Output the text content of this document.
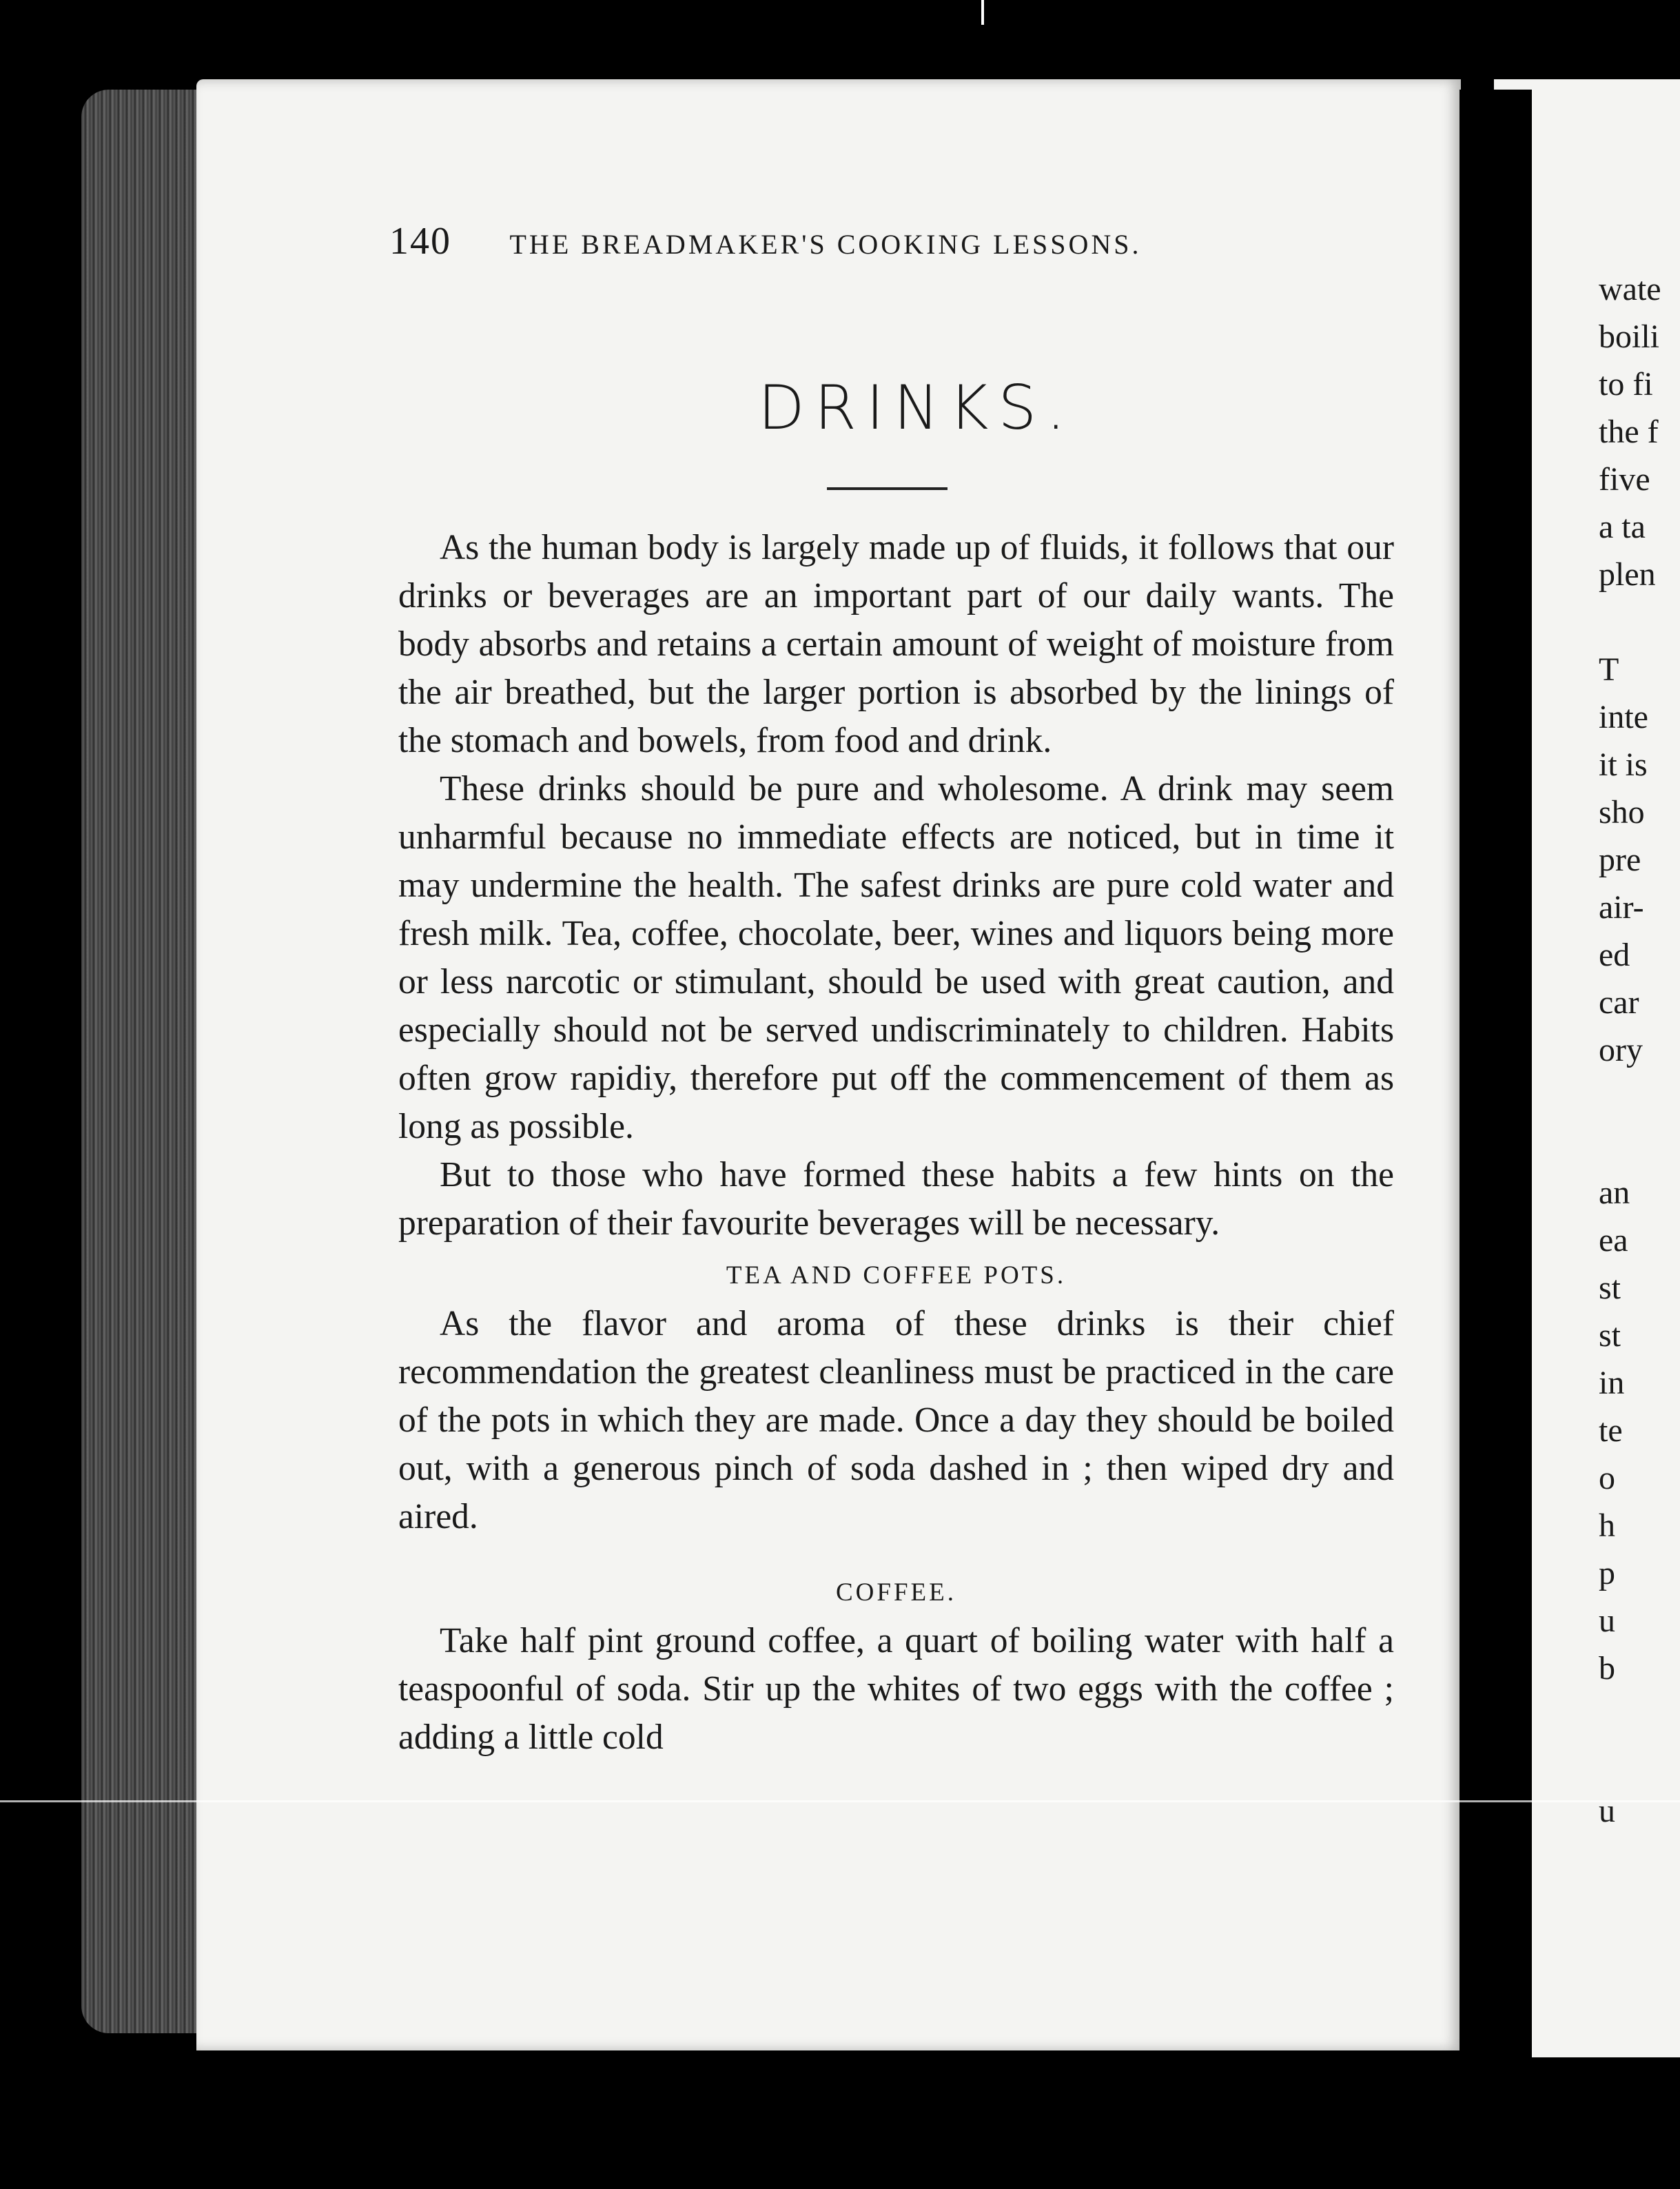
140 THE BREADMAKER'S COOKING LESSONS.
DRINKS.

As the human body is largely made up of fluids, it follows that our drinks or beverages are an important part of our daily wants. The body absorbs and retains a certain amount of weight of moisture from the air breathed, but the larger portion is absorbed by the linings of the stomach and bowels, from food and drink.

These drinks should be pure and wholesome. A drink may seem unharmful because no immediate effects are noticed, but in time it may undermine the health. The safest drinks are pure cold water and fresh milk. Tea, coffee, chocolate, beer, wines and liquors being more or less narcotic or stimulant, should be used with great caution, and especially should not be served undiscriminately to children. Habits often grow rapidiy, therefore put off the commencement of them as long as possible.

But to those who have formed these habits a few hints on the preparation of their favourite beverages will be necessary.

TEA AND COFFEE POTS.

As the flavor and aroma of these drinks is their chief recommendation the greatest cleanliness must be practiced in the care of the pots in which they are made. Once a day they should be boiled out, with a generous pinch of soda dashed in ; then wiped dry and aired.

COFFEE.

Take half pint ground coffee, a quart of boiling water with half a teaspoonful of soda. Stir up the whites of two eggs with the coffee ; adding a little cold

wate
boili
to fi
the f
five
a ta
plen
T
inte
it is
sho
pre
air-
ed
car
ory
an
ea
st
st
in
te
o
h
p
u
b
u
